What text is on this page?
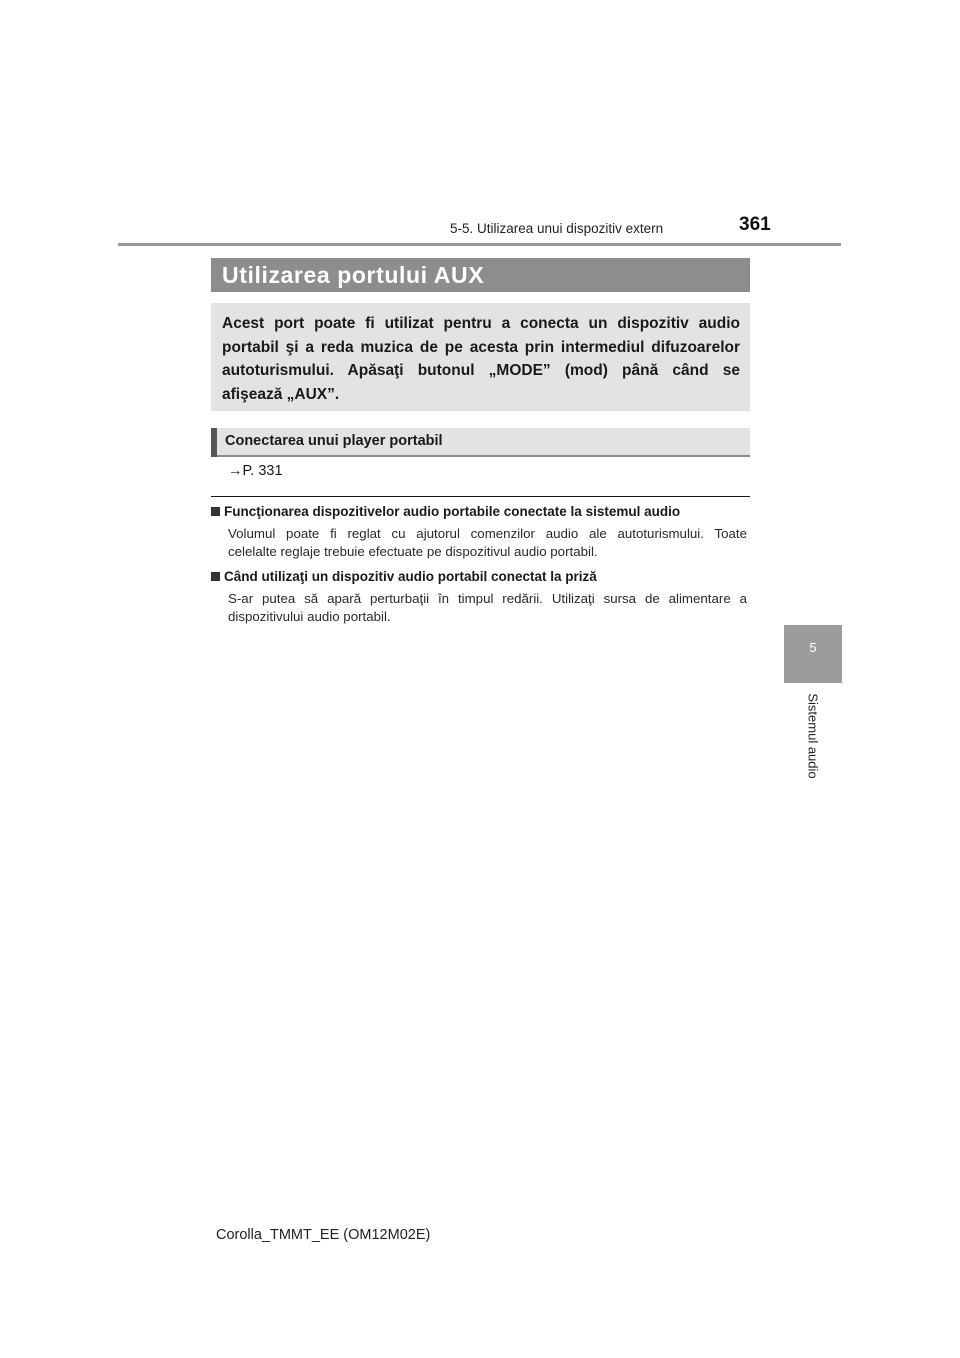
5-5. Utilizarea unui dispozitiv extern	361
5
Sistemul audio
Utilizarea portului AUX
Acest port poate fi utilizat pentru a conecta un dispozitiv audio
portabil şi a reda muzica de pe acesta prin intermediul difuzoarelor
autoturismului. Apăsaţi butonul „MODE” (mod) până când se
afişează „AUX”.
Conectarea unui player portabil
→P. 331
Funcţionarea dispozitivelor audio portabile conectate la sistemul audio
Volumul poate fi reglat cu ajutorul comenzilor audio ale autoturismului. Toate
celelalte reglaje trebuie efectuate pe dispozitivul audio portabil.
Când utilizaţi un dispozitiv audio portabil conectat la priză
S-ar putea să apară perturbaţii în timpul redării. Utilizaţi sursa de alimentare a
dispozitivului audio portabil.
Corolla_TMMT_EE (OM12M02E)
